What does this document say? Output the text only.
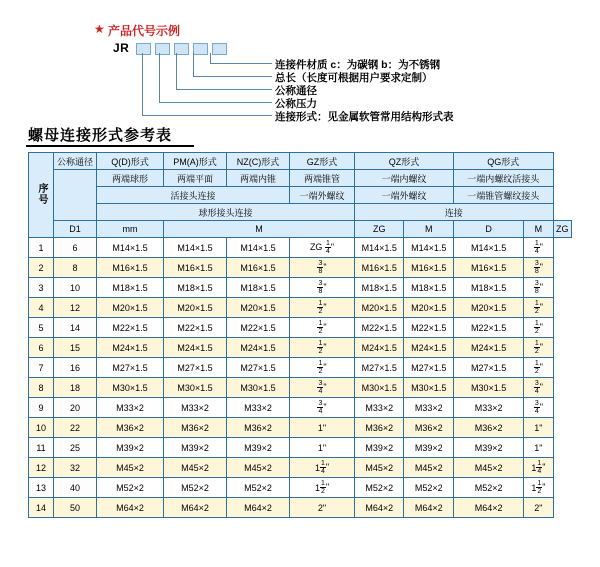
★ 产品代号示例
JR
连接件材质 c：为碳钢 b：为不锈钢
总长（长度可根据用户要求定制）
公称通径
公称压力
连接形式：见金属软管常用结构形式表
螺母连接形式参考表
序号	公称通径	Q(D)形式	PM(A)形式	NZ(C)形式	GZ形式	QZ形式		QG形式		
		两端球形	两端平面	两端内锥	两端锥管	一端内螺纹		一端内螺纹活接头		
		活接头连接			一端外螺纹	一端外螺纹		一端锥管螺纹接头		
		球形接头连接				连接				
	D1	mm	M			ZG	M	D	M	ZG
1	6	M14×1.5	M14×1.5	M14×1.5	ZG $\frac{1}{4}$ "	M14×1.5	M14×1.5	M14×1.5	$\frac{1}{4}$ "	
2	8	M16×1.5	M16×1.5	M16×1.5	$\frac{3}{8}$ "	M16×1.5	M16×1.5	M16×1.5	$\frac{3}{8}$ "	
3	10	M18×1.5	M18×1.5	M18×1.5	$\frac{3}{8}$ "	M18×1.5	M18×1.5	M18×1.5	$\frac{3}{8}$ "	
4	12	M20×1.5	M20×1.5	M20×1.5	$\frac{1}{2}$ "	M20×1.5	M20×1.5	M20×1.5	$\frac{1}{2}$ "	
5	14	M22×1.5	M22×1.5	M22×1.5	$\frac{1}{2}$ "	M22×1.5	M22×1.5	M22×1.5	$\frac{1}{2}$ "	
6	15	M24×1.5	M24×1.5	M24×1.5	$\frac{1}{2}$ "	M24×1.5	M24×1.5	M24×1.5	$\frac{1}{2}$ "	
7	16	M27×1.5	M27×1.5	M27×1.5	$\frac{1}{2}$ "	M27×1.5	M27×1.5	M27×1.5	$\frac{1}{2}$ "	
8	18	M30×1.5	M30×1.5	M30×1.5	$\frac{3}{4}$ "	M30×1.5	M30×1.5	M30×1.5	$\frac{3}{4}$ "	
9	20	M33×2	M33×2	M33×2	$\frac{3}{4}$ "	M33×2	M33×2	M33×2	$\frac{3}{4}$ "	
10	22	M36×2	M36×2	M36×2	1"	M36×2	M36×2	M36×2	1"	
11	25	M39×2	M39×2	M39×2	1"	M39×2	M39×2	M39×2	1"	
12	32	M45×2	M45×2	M45×2	$1 \frac{1}{4}$ "	M45×2	M45×2	M45×2	$1 \frac{1}{4}$ "	
13	40	M52×2	M52×2	M52×2	$1 \frac{1}{2}$ "	M52×2	M52×2	M52×2	$1 \frac{1}{2}$ "	
14	50	M64×2	M64×2	M64×2	2"	M64×2	M64×2	M64×2	2"	
